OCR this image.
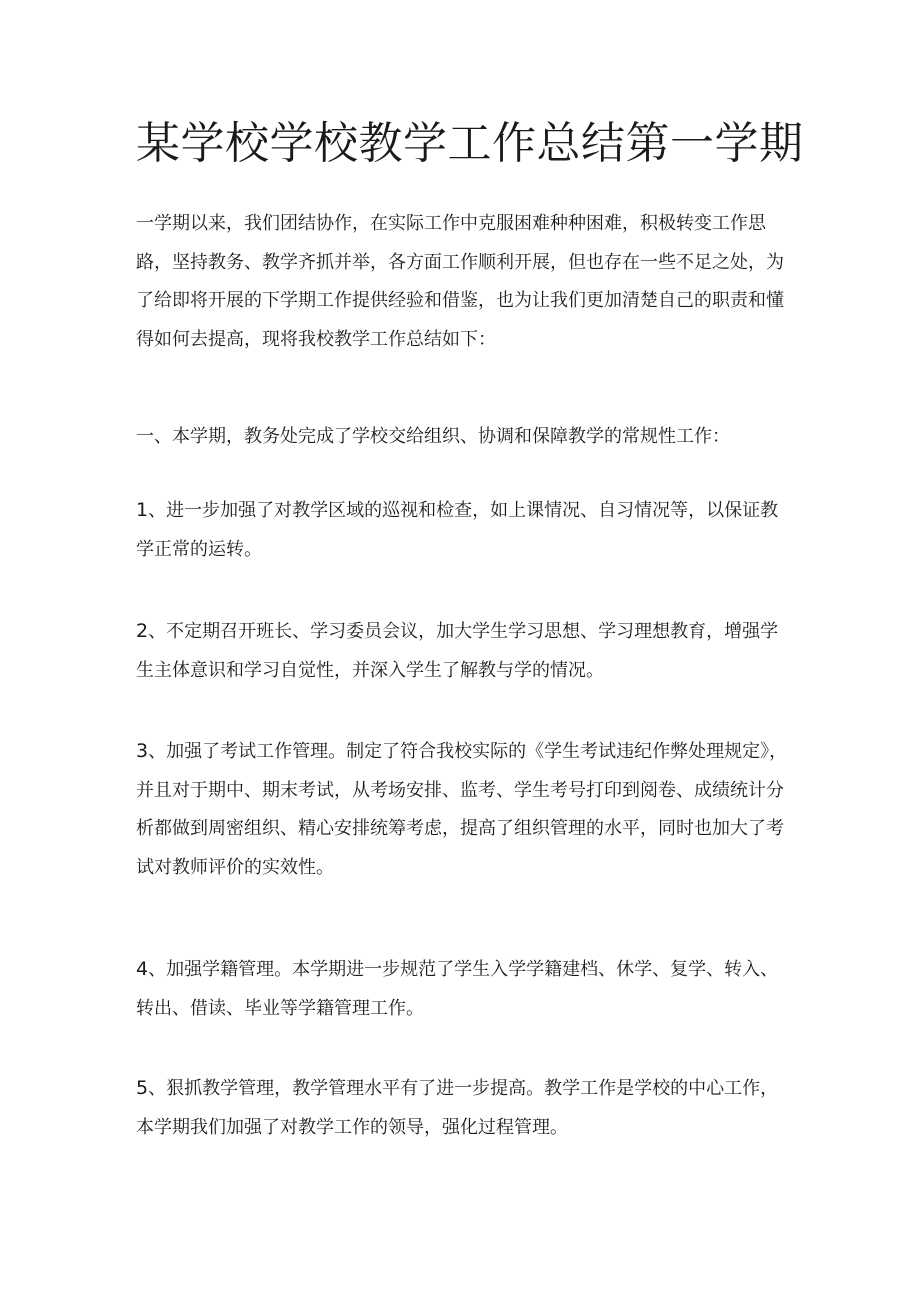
某学校学校教学工作总结第一学期

一学期以来，我们团结协作，在实际工作中克服困难种种困难，积极转变工作思路，坚持教务、教学齐抓并举，各方面工作顺利开展，但也存在一些不足之处，为了给即将开展的下学期工作提供经验和借鉴，也为让我们更加清楚自己的职责和懂得如何去提高，现将我校教学工作总结如下：

一、本学期，教务处完成了学校交给组织、协调和保障教学的常规性工作：

1、进一步加强了对教学区域的巡视和检查，如上课情况、自习情况等，以保证教学正常的运转。

2、不定期召开班长、学习委员会议，加大学生学习思想、学习理想教育，增强学生主体意识和学习自觉性，并深入学生了解教与学的情况。

3、加强了考试工作管理。制定了符合我校实际的《学生考试违纪作弊处理规定》，并且对于期中、期末考试，从考场安排、监考、学生考号打印到阅卷、成绩统计分析都做到周密组织、精心安排统筹考虑，提高了组织管理的水平，同时也加大了考试对教师评价的实效性。

4、加强学籍管理。本学期进一步规范了学生入学学籍建档、休学、复学、转入、转出、借读、毕业等学籍管理工作。

5、狠抓教学管理，教学管理水平有了进一步提高。教学工作是学校的中心工作，本学期我们加强了对教学工作的领导，强化过程管理。
